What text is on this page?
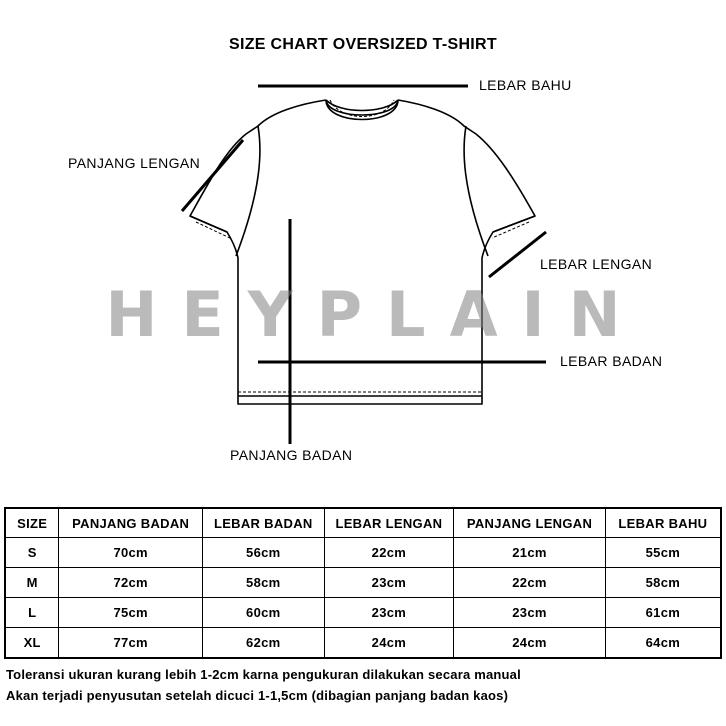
SIZE CHART OVERSIZED T-SHIRT
HEYPLAIN
LEBAR BAHU
PANJANG LENGAN
LEBAR LENGAN
LEBAR BADAN
PANJANG BADAN
SIZE	PANJANG BADAN	LEBAR BADAN	LEBAR LENGAN	PANJANG LENGAN	LEBAR BAHU
S	70cm	56cm	22cm	21cm	55cm
M	72cm	58cm	23cm	22cm	58cm
L	75cm	60cm	23cm	23cm	61cm
XL	77cm	62cm	24cm	24cm	64cm
Toleransi ukuran kurang lebih 1-2cm karna pengukuran dilakukan secara manual
Akan terjadi penyusutan setelah dicuci 1-1,5cm (dibagian panjang badan kaos)
